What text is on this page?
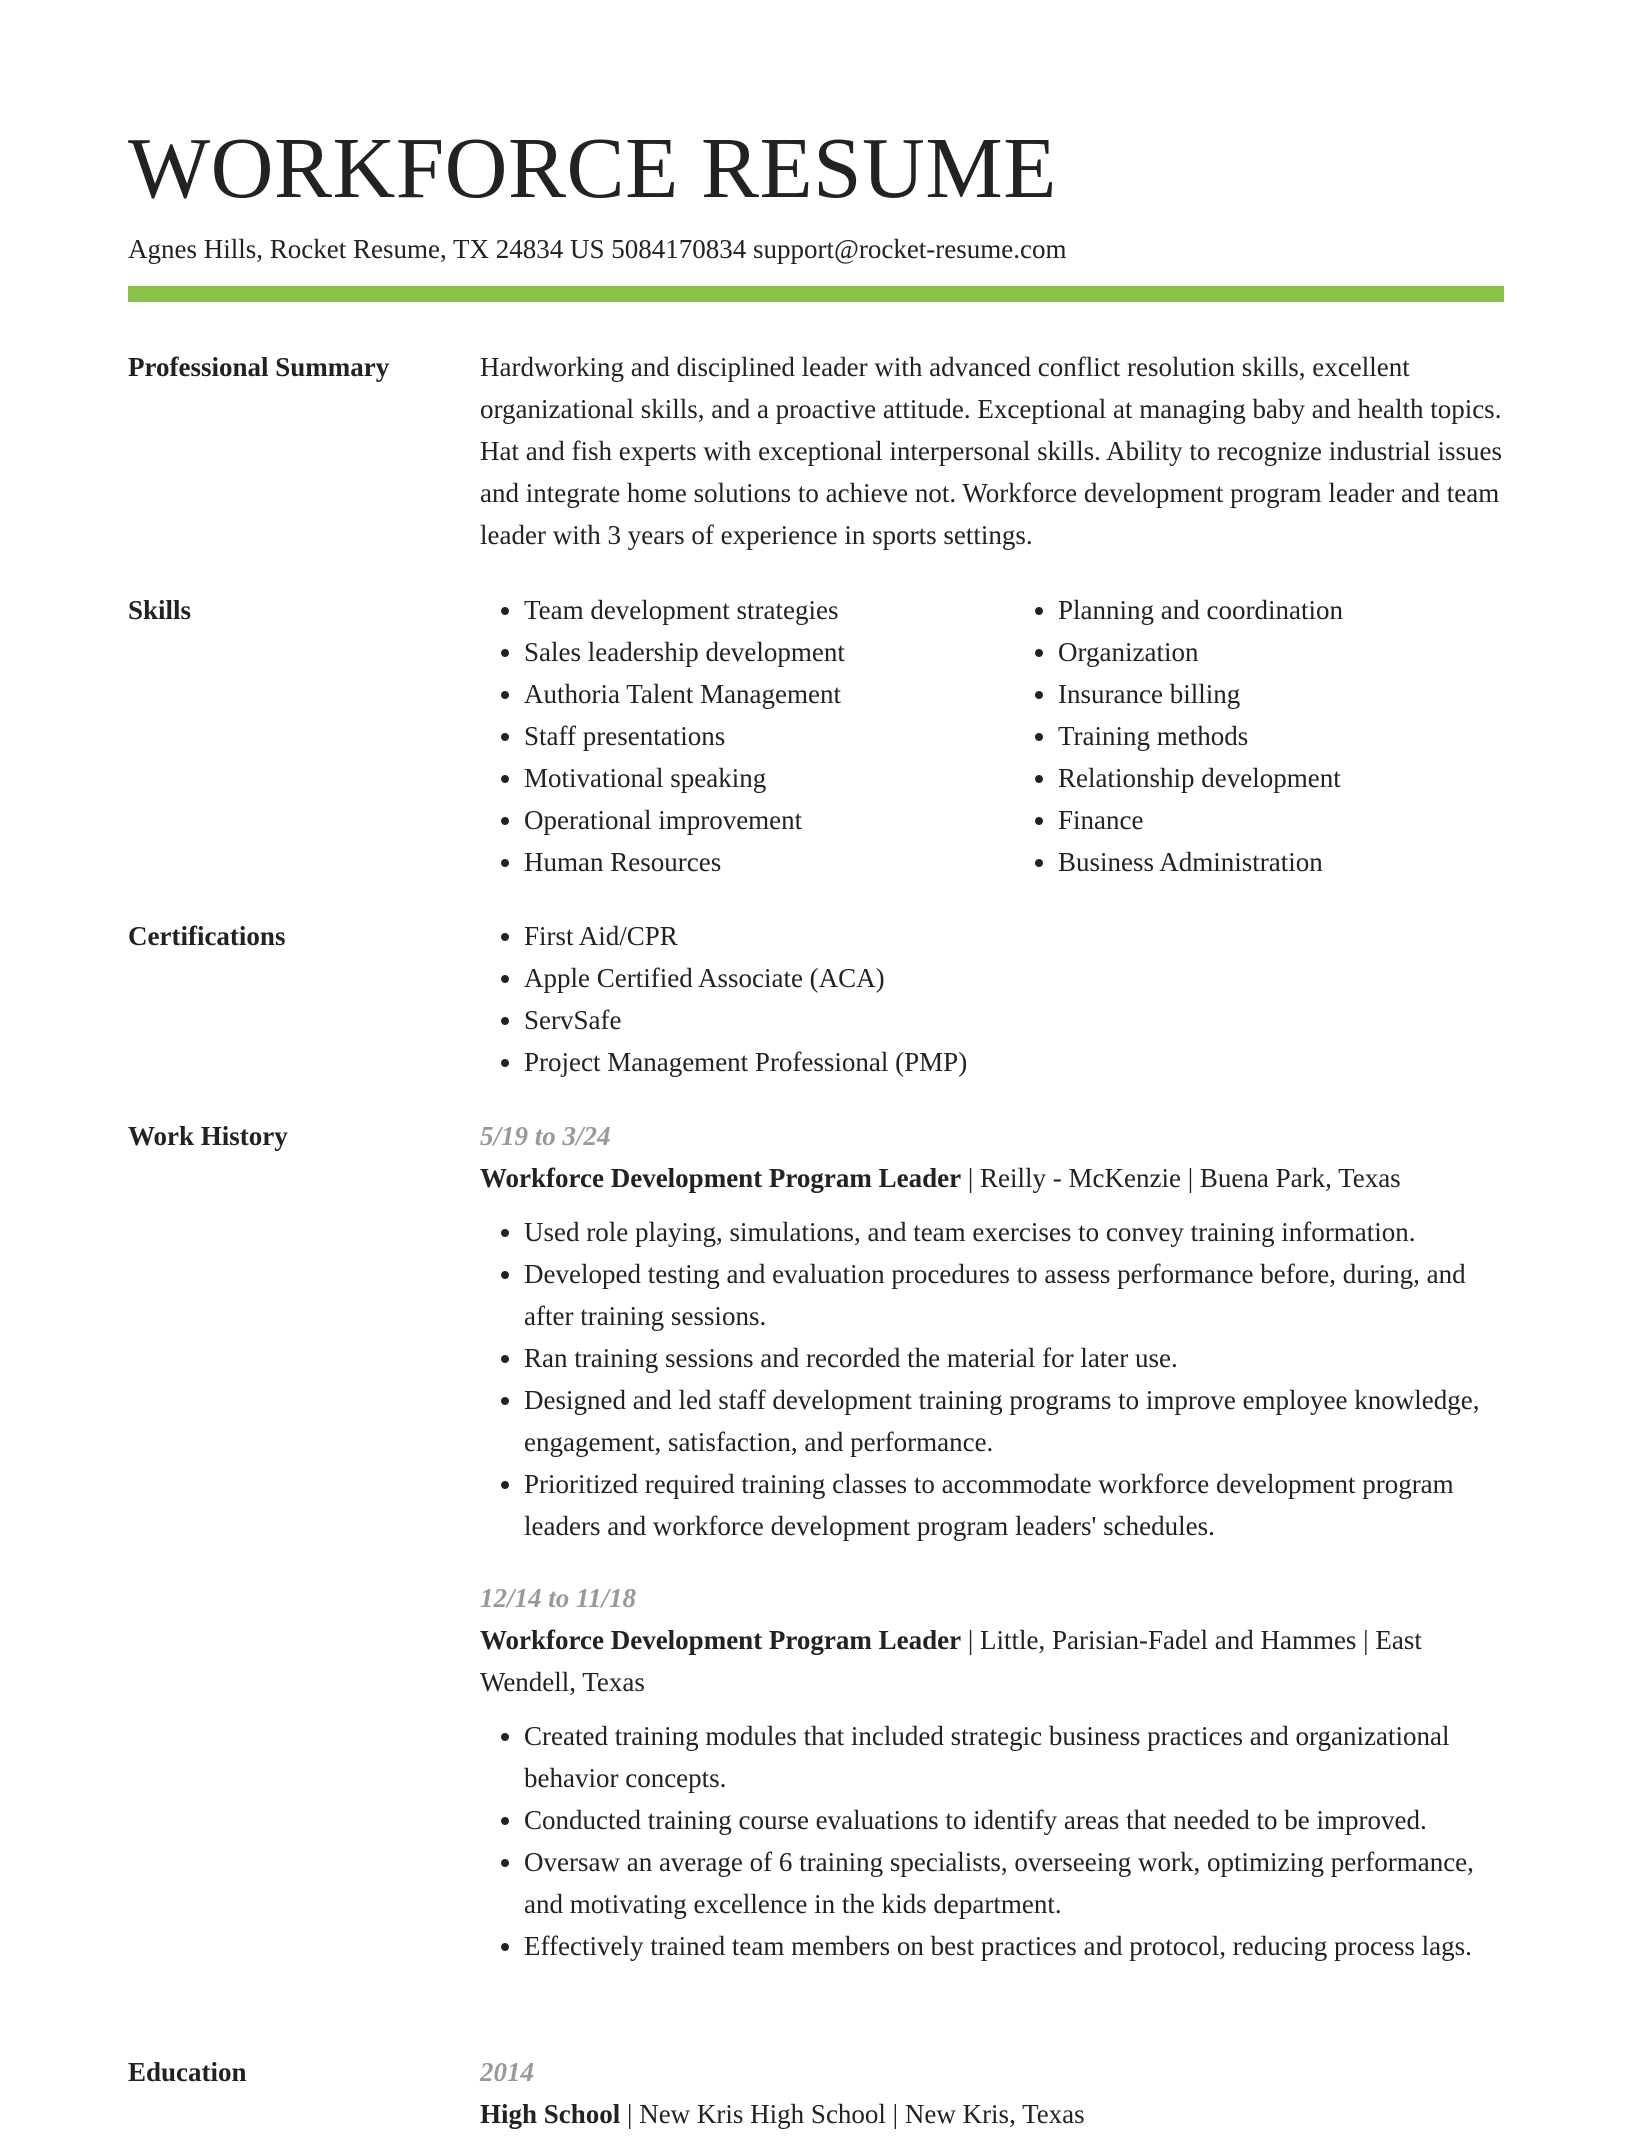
WORKFORCE RESUME
Agnes Hills, Rocket Resume, TX 24834 US 5084170834 support@rocket-resume.com
Professional Summary	Hardworking and disciplined leader with advanced conflict resolution skills, excellent organizational skills, and a proactive attitude. Exceptional at managing baby and health topics. Hat and fish experts with exceptional interpersonal skills. Ability to recognize industrial issues and integrate home solutions to achieve not. Workforce development program leader and team leader with 3 years of experience in sports settings.

Skills	• Team development strategies
• Sales leadership development
• Authoria Talent Management
• Staff presentations
• Motivational speaking
• Operational improvement
• Human Resources
• Planning and coordination
• Organization
• Insurance billing
• Training methods
• Relationship development
• Finance
• Business Administration
Certifications	• First Aid/CPR
• Apple Certified Associate (ACA)
• ServSafe
• Project Management Professional (PMP)
Work History	5/19 to 3/24

Workforce Development Program Leader | Reilly - McKenzie | Buena Park, Texas

• Used role playing, simulations, and team exercises to convey training information.
• Developed testing and evaluation procedures to assess performance before, during, and after training sessions.
• Ran training sessions and recorded the material for later use.
• Designed and led staff development training programs to improve employee knowledge, engagement, satisfaction, and performance.
• Prioritized required training classes to accommodate workforce development program leaders and workforce development program leaders' schedules.

12/14 to 11/18

Workforce Development Program Leader | Little, Parisian-Fadel and Hammes | East Wendell, Texas

• Created training modules that included strategic business practices and organizational behavior concepts.
• Conducted training course evaluations to identify areas that needed to be improved.
• Oversaw an average of 6 training specialists, overseeing work, optimizing performance, and motivating excellence in the kids department.
• Effectively trained team members on best practices and protocol, reducing process lags.
Education	2014

High School | New Kris High School | New Kris, Texas
